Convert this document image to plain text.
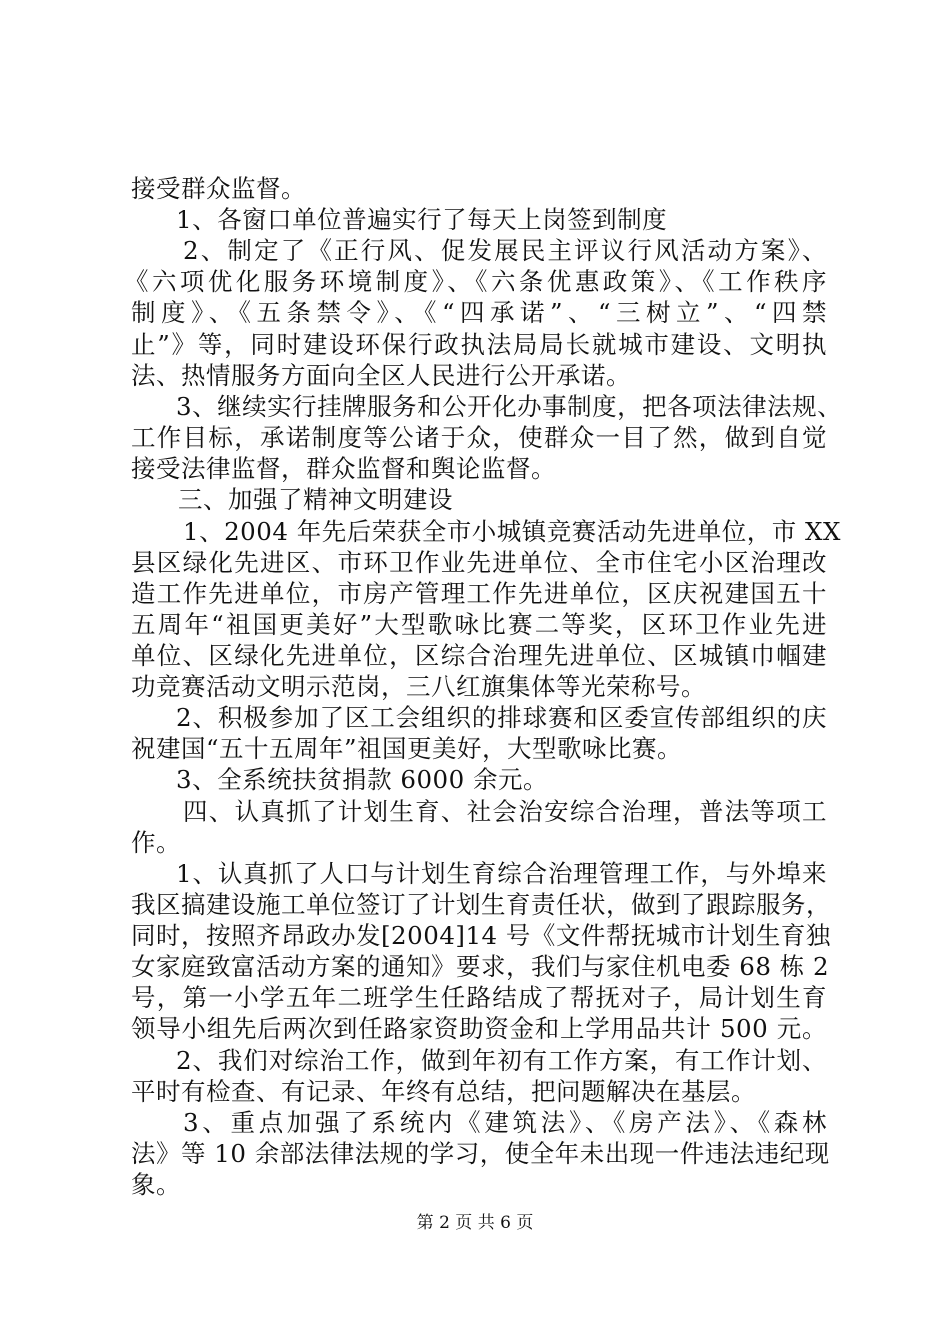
接受群众监督。
1、各窗口单位普遍实行了每天上岗签到制度
2、制定了《正行风、促发展民主评议行风活动方案》、
《六项优化服务环境制度》、《六条优惠政策》、《工作秩序
制度》、《五条禁令》、《“四承诺”、“三树立”、“四禁
止”》等，同时建设环保行政执法局局长就城市建设、文明执
法、热情服务方面向全区人民进行公开承诺。
3、继续实行挂牌服务和公开化办事制度，把各项法律法规、
工作目标，承诺制度等公诸于众，使群众一目了然，做到自觉
接受法律监督，群众监督和舆论监督。
三、加强了精神文明建设
1、2004 年先后荣获全市小城镇竞赛活动先进单位，市 XX
县区绿化先进区、市环卫作业先进单位、全市住宅小区治理改
造工作先进单位，市房产管理工作先进单位，区庆祝建国五十
五周年“祖国更美好”大型歌咏比赛二等奖，区环卫作业先进
单位、区绿化先进单位，区综合治理先进单位、区城镇巾帼建
功竞赛活动文明示范岗，三八红旗集体等光荣称号。
2、积极参加了区工会组织的排球赛和区委宣传部组织的庆
祝建国“五十五周年”祖国更美好，大型歌咏比赛。
3、全系统扶贫捐款 6000 余元。
四、认真抓了计划生育、社会治安综合治理，普法等项工
作。
1、认真抓了人口与计划生育综合治理管理工作，与外埠来
我区搞建设施工单位签订了计划生育责任状，做到了跟踪服务，
同时，按照齐昂政办发[2004]14 号《文件帮抚城市计划生育独
女家庭致富活动方案的通知》要求，我们与家住机电委 68 栋 2
号，第一小学五年二班学生任路结成了帮抚对子，局计划生育
领导小组先后两次到任路家资助资金和上学用品共计 500 元。
2、我们对综治工作，做到年初有工作方案，有工作计划、
平时有检查、有记录、年终有总结，把问题解决在基层。
3、重点加强了系统内《建筑法》、《房产法》、《森林
法》等 10 余部法律法规的学习，使全年未出现一件违法违纪现
象。
第 2 页 共 6 页
